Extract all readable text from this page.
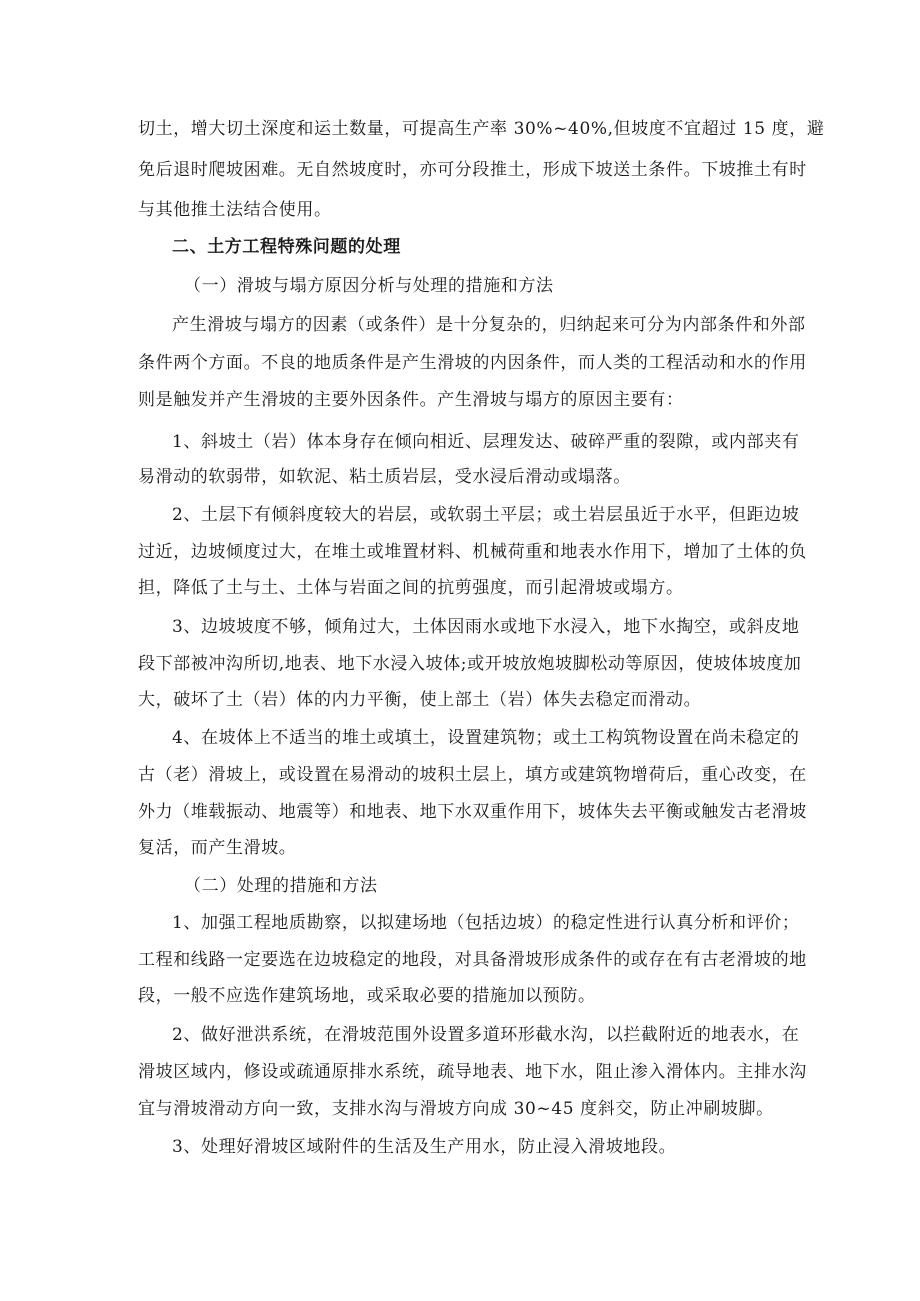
切土，增大切土深度和运土数量，可提高生产率 30%~40%,但坡度不宜超过 15 度，避
免后退时爬坡困难。无自然坡度时，亦可分段推土，形成下坡送土条件。下坡推土有时
与其他推土法结合使用。
二、土方工程特殊问题的处理
（一）滑坡与塌方原因分析与处理的措施和方法
产生滑坡与塌方的因素（或条件）是十分复杂的，归纳起来可分为内部条件和外部
条件两个方面。不良的地质条件是产生滑坡的内因条件，而人类的工程活动和水的作用
则是触发并产生滑坡的主要外因条件。产生滑坡与塌方的原因主要有：
1、斜坡土（岩）体本身存在倾向相近、层理发达、破碎严重的裂隙，或内部夹有
易滑动的软弱带，如软泥、粘土质岩层，受水浸后滑动或塌落。
2、土层下有倾斜度较大的岩层，或软弱土平层；或土岩层虽近于水平，但距边坡
过近，边坡倾度过大，在堆土或堆置材料、机械荷重和地表水作用下，增加了土体的负
担，降低了土与土、土体与岩面之间的抗剪强度，而引起滑坡或塌方。
3、边坡坡度不够，倾角过大，土体因雨水或地下水浸入，地下水掏空，或斜皮地
段下部被冲沟所切,地表、地下水浸入坡体;或开坡放炮坡脚松动等原因，使坡体坡度加
大，破坏了土（岩）体的内力平衡，使上部土（岩）体失去稳定而滑动。
4、在坡体上不适当的堆土或填土，设置建筑物；或土工构筑物设置在尚未稳定的
古（老）滑坡上，或设置在易滑动的坡积土层上，填方或建筑物增荷后，重心改变，在
外力（堆载振动、地震等）和地表、地下水双重作用下，坡体失去平衡或触发古老滑坡
复活，而产生滑坡。
（二）处理的措施和方法
1、加强工程地质勘察，以拟建场地（包括边坡）的稳定性进行认真分析和评价；
工程和线路一定要选在边坡稳定的地段，对具备滑坡形成条件的或存在有古老滑坡的地
段，一般不应选作建筑场地，或采取必要的措施加以预防。
2、做好泄洪系统，在滑坡范围外设置多道环形截水沟，以拦截附近的地表水，在
滑坡区域内，修设或疏通原排水系统，疏导地表、地下水，阻止渗入滑体内。主排水沟
宜与滑坡滑动方向一致，支排水沟与滑坡方向成 30~45 度斜交，防止冲刷坡脚。
3、处理好滑坡区域附件的生活及生产用水，防止浸入滑坡地段。
